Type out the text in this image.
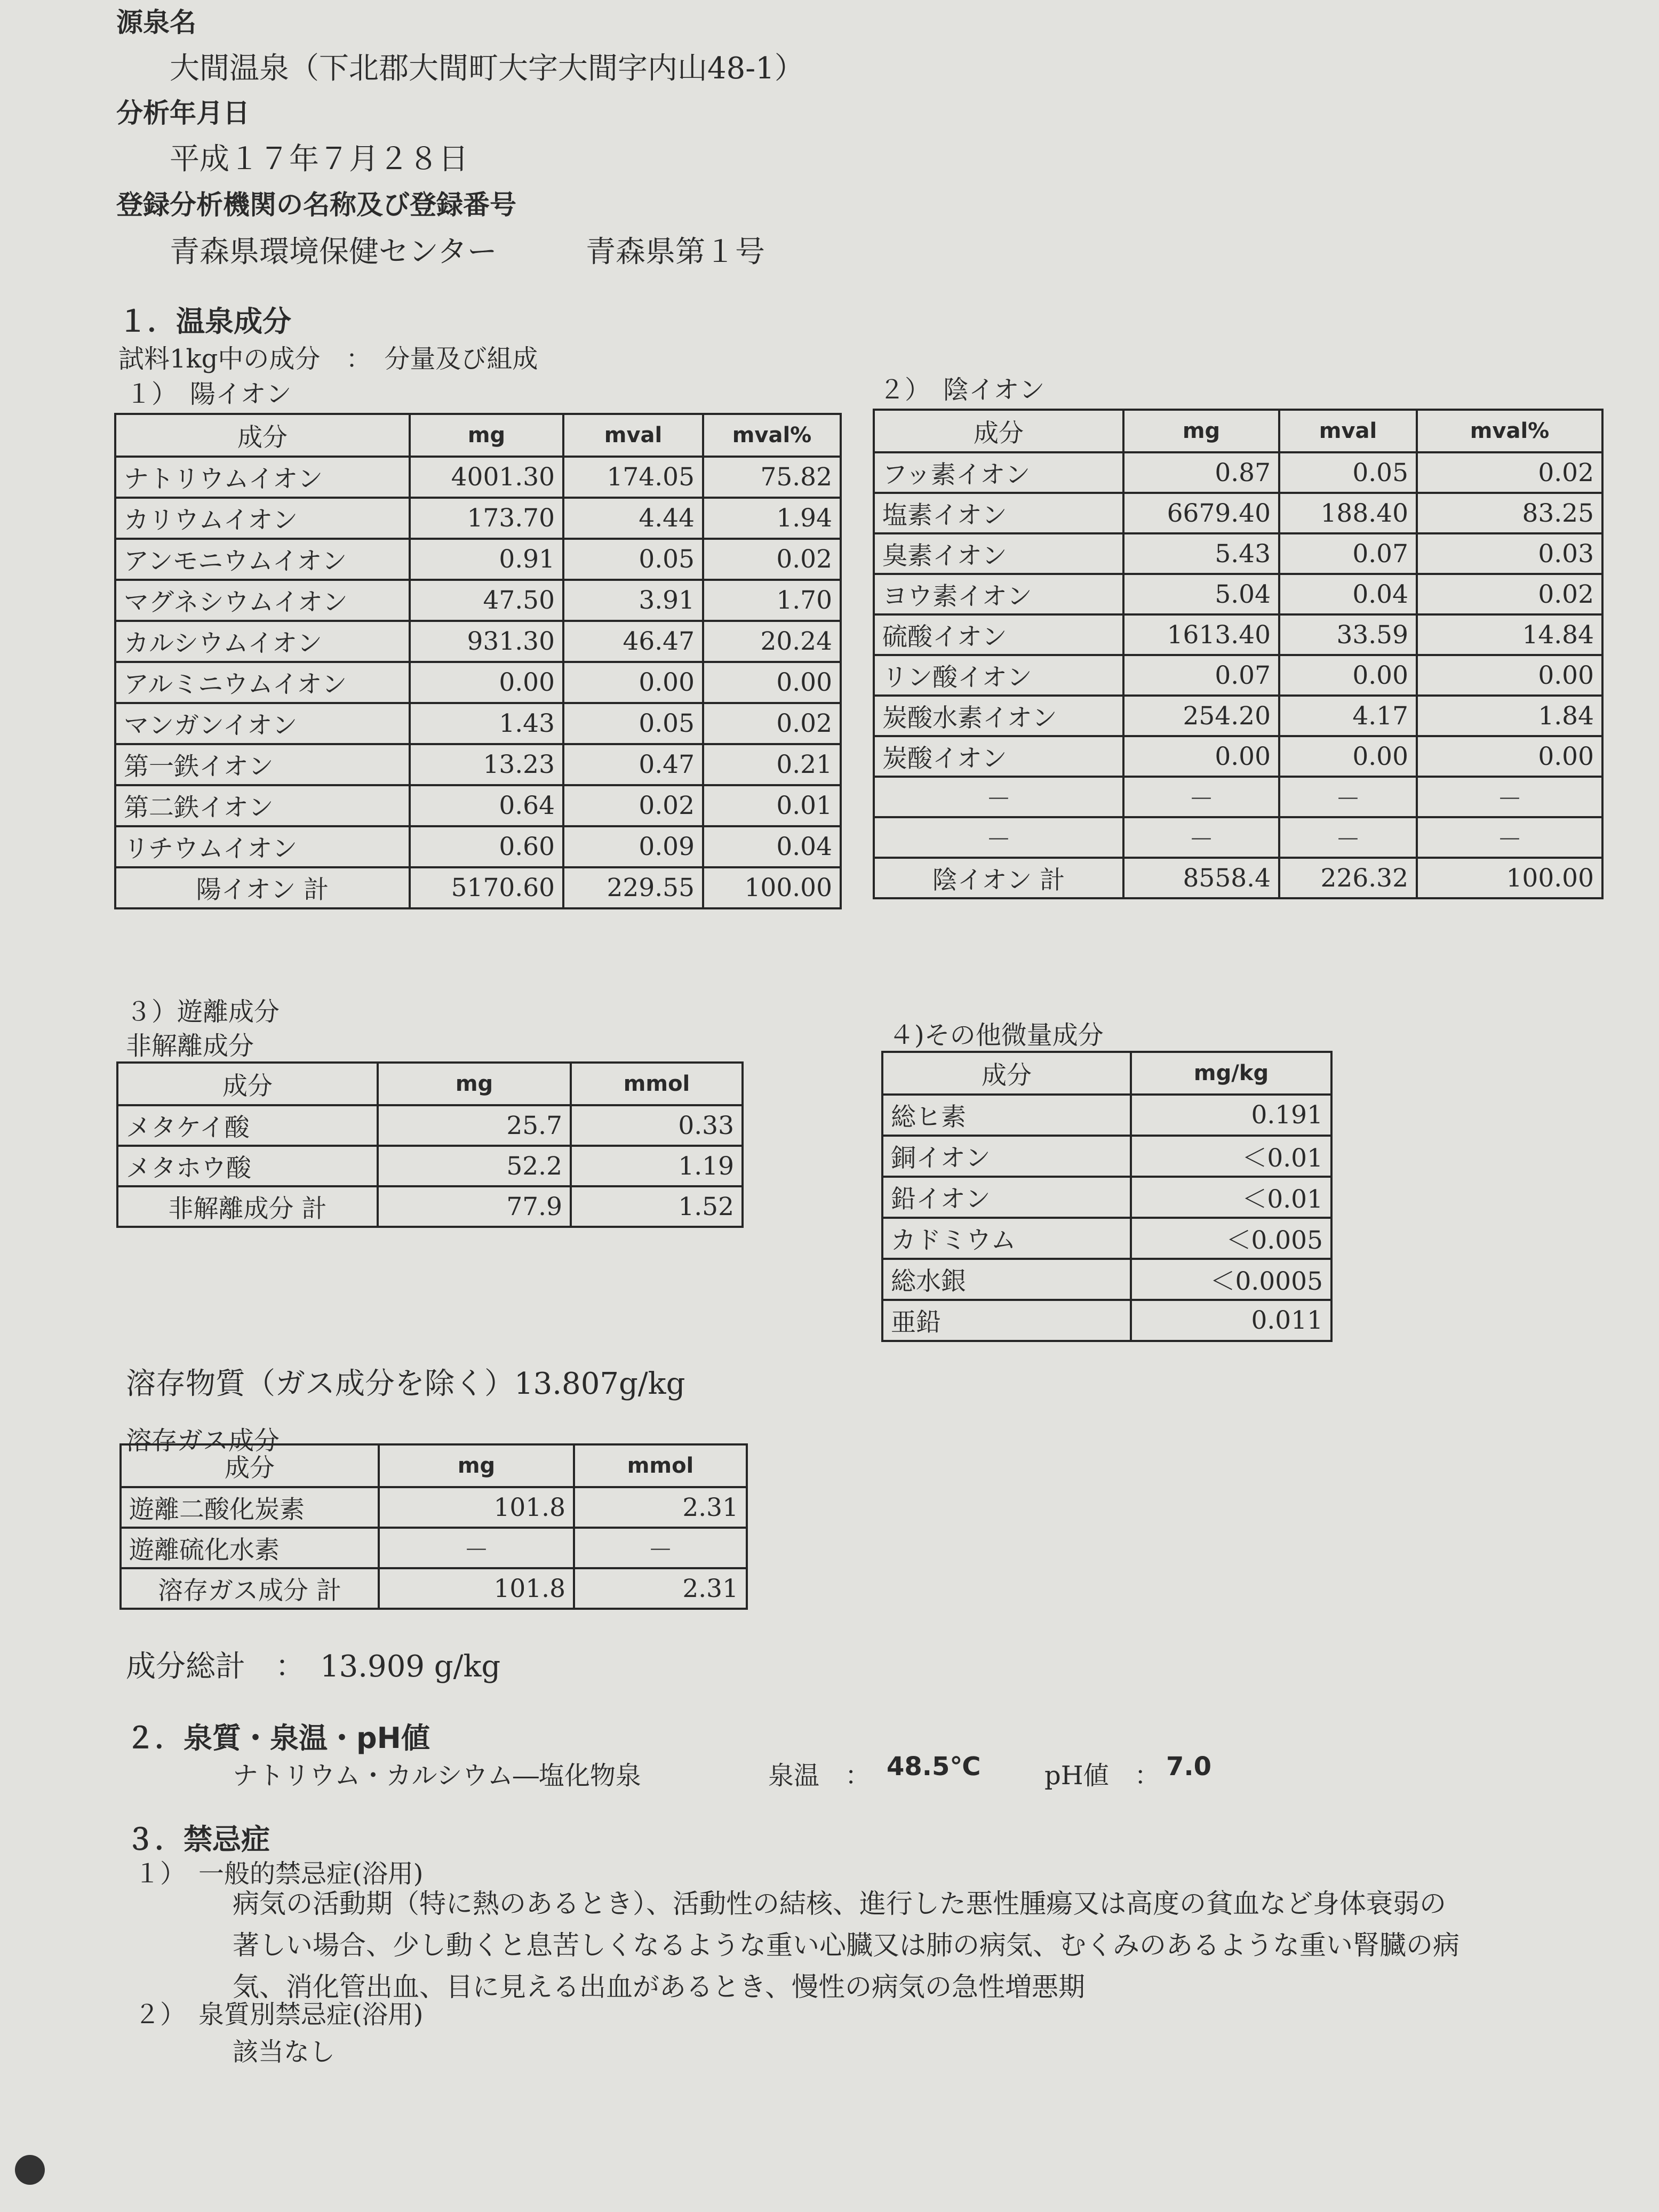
源泉名
大間温泉（下北郡大間町大字大間字内山48-1）
分析年月日
平成１７年７月２８日
登録分析機関の名称及び登録番号
青森県環境保健センター	青森県第１号
１．温泉成分
試料1kg中の成分　：　分量及び組成
１）　陽イオン	２）　陰イオン
成分	mg	mval	mval%
ナトリウムイオン	4001.30	174.05	75.82
カリウムイオン	173.70	4.44	1.94
アンモニウムイオン	0.91	0.05	0.02
マグネシウムイオン	47.50	3.91	1.70
カルシウムイオン	931.30	46.47	20.24
アルミニウムイオン	0.00	0.00	0.00
マンガンイオン	1.43	0.05	0.02
第一鉄イオン	13.23	0.47	0.21
第二鉄イオン	0.64	0.02	0.01
リチウムイオン	0.60	0.09	0.04
陽イオン 計	5170.60	229.55	100.00
成分	mg	mval	mval%
フッ素イオン	0.87	0.05	0.02
塩素イオン	6679.40	188.40	83.25
臭素イオン	5.43	0.07	0.03
ヨウ素イオン	5.04	0.04	0.02
硫酸イオン	1613.40	33.59	14.84
リン酸イオン	0.07	0.00	0.00
炭酸水素イオン	254.20	4.17	1.84
炭酸イオン	0.00	0.00	0.00
－	－	－	－
－	－	－	－
陰イオン 計	8558.4	226.32	100.00
３）遊離成分
非解離成分
成分	mg	mmol
メタケイ酸	25.7	0.33
メタホウ酸	52.2	1.19
非解離成分 計	77.9	1.52
４)その他微量成分
成分	mg/kg
総ヒ素	0.191
銅イオン	＜0.01
鉛イオン	＜0.01
カドミウム	＜0.005
総水銀	＜0.0005
亜鉛	0.011
溶存物質（ガス成分を除く）13.807g/kg
溶存ガス成分
成分	mg	mmol
遊離二酸化炭素	101.8	2.31
遊離硫化水素	－	－
溶存ガス成分 計	101.8	2.31
成分総計　：　13.909 g/kg
２．泉質・泉温・pH値
ナトリウム・カルシウム―塩化物泉	泉温　： 48.5℃ pH値　： 7.0
３．禁忌症
１）　一般的禁忌症(浴用)
病気の活動期（特に熱のあるとき）、活動性の結核、進行した悪性腫瘍又は高度の貧血など身体衰弱の
著しい場合、少し動くと息苦しくなるような重い心臓又は肺の病気、むくみのあるような重い腎臓の病
気、消化管出血、目に見える出血があるとき、慢性の病気の急性増悪期
２）　泉質別禁忌症(浴用)
該当なし
